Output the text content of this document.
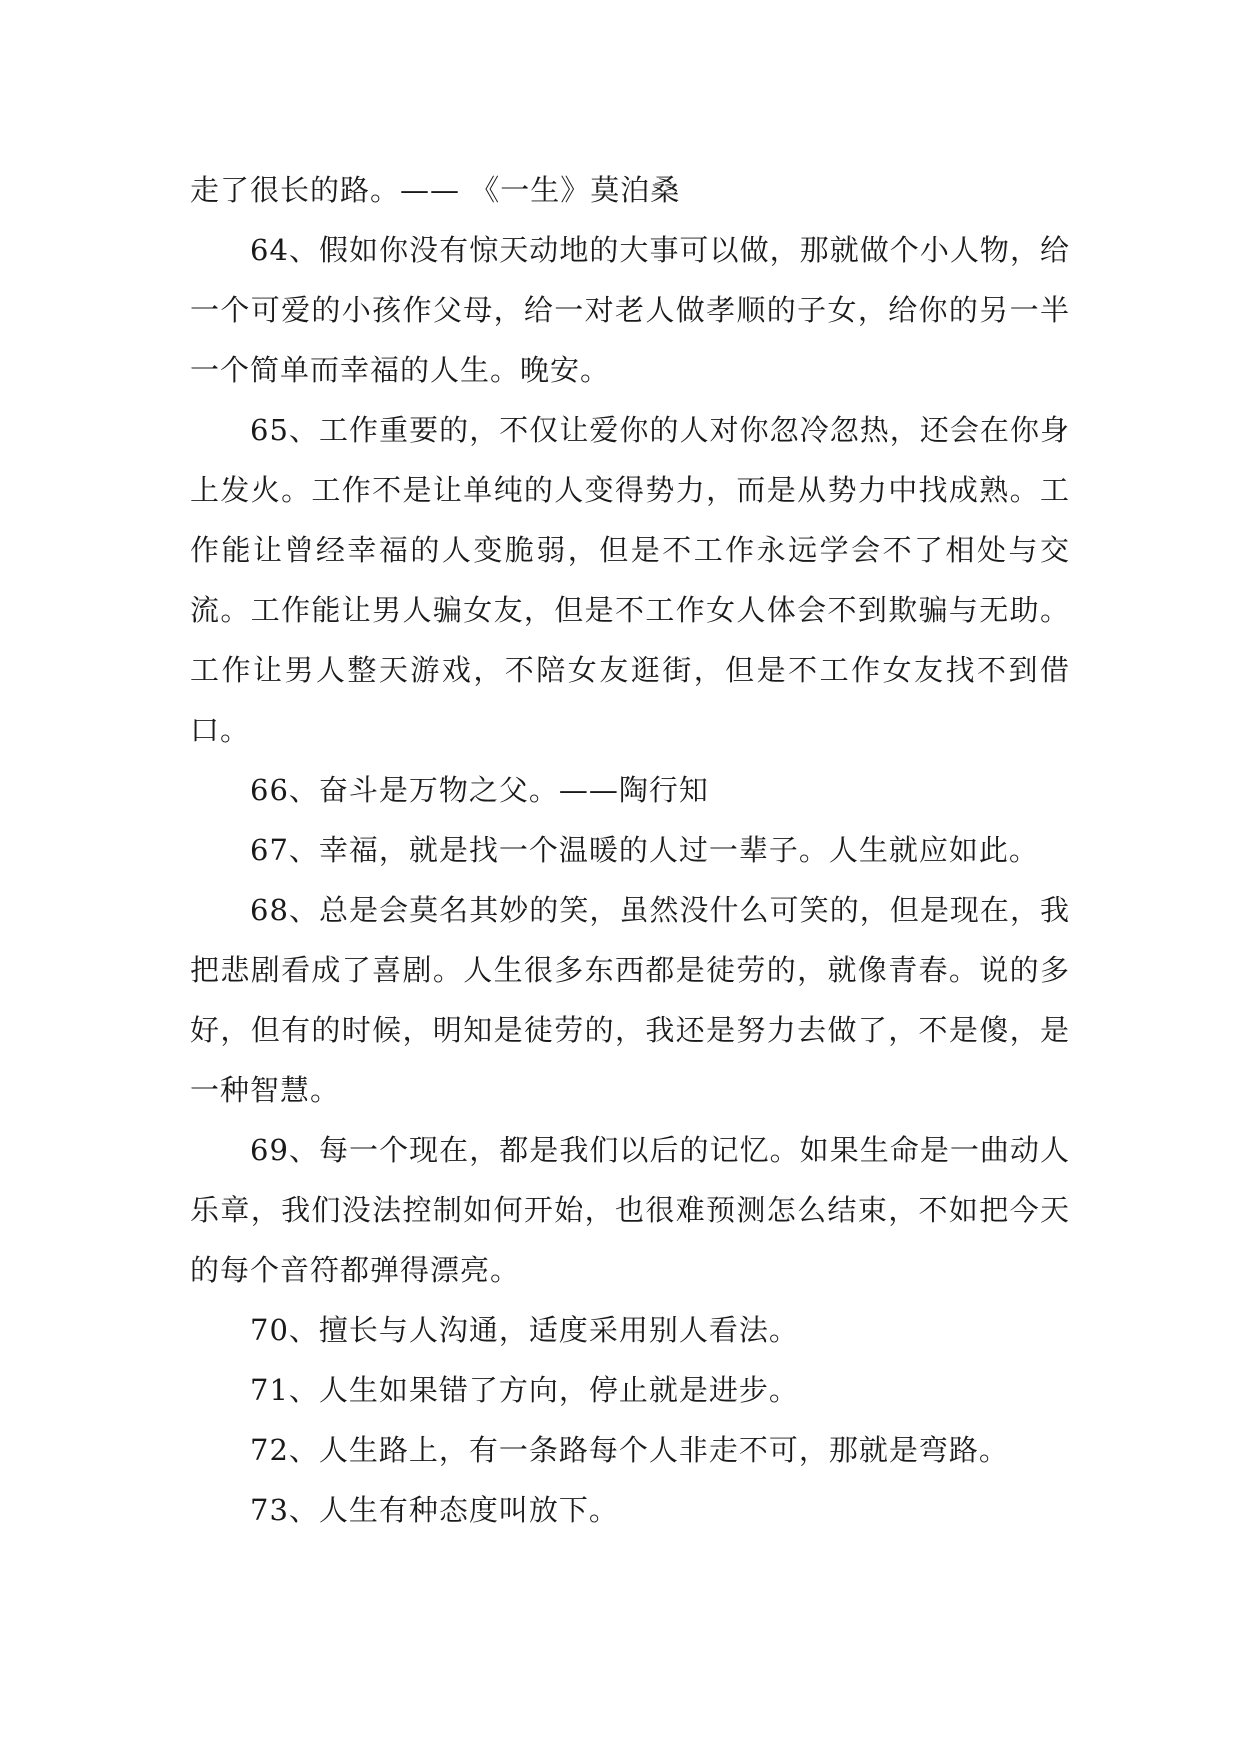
走了很长的路。—— 《一生》莫泊桑

64、假如你没有惊天动地的大事可以做，那就做个小人物，给一个可爱的小孩作父母，给一对老人做孝顺的子女，给你的另一半一个简单而幸福的人生。晚安。

65、工作重要的，不仅让爱你的人对你忽冷忽热，还会在你身上发火。工作不是让单纯的人变得势力，而是从势力中找成熟。工作能让曾经幸福的人变脆弱，但是不工作永远学会不了相处与交流。工作能让男人骗女友，但是不工作女人体会不到欺骗与无助。工作让男人整天游戏，不陪女友逛街，但是不工作女友找不到借口。

66、奋斗是万物之父。——陶行知

67、幸福，就是找一个温暖的人过一辈子。人生就应如此。

68、总是会莫名其妙的笑，虽然没什么可笑的，但是现在，我把悲剧看成了喜剧。人生很多东西都是徒劳的，就像青春。说的多好，但有的时候，明知是徒劳的，我还是努力去做了，不是傻，是一种智慧。

69、每一个现在，都是我们以后的记忆。如果生命是一曲动人乐章，我们没法控制如何开始，也很难预测怎么结束，不如把今天的每个音符都弹得漂亮。

70、擅长与人沟通，适度采用别人看法。

71、人生如果错了方向，停止就是进步。

72、人生路上，有一条路每个人非走不可，那就是弯路。

73、人生有种态度叫放下。
